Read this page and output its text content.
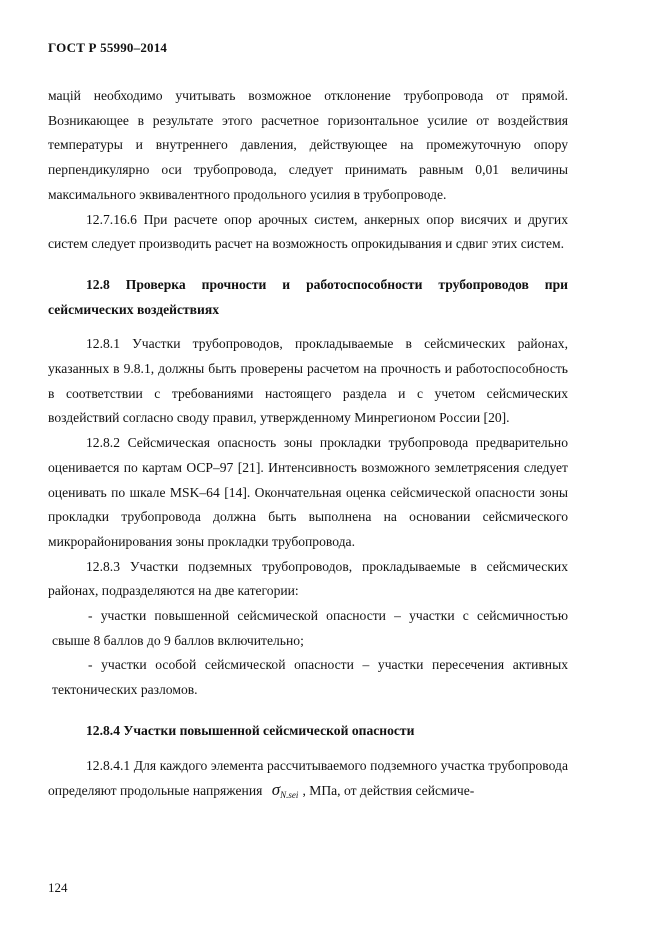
ГОСТ Р 55990–2014

мацій необходимо учитывать возможное отклонение трубопровода от прямой. Возникающее в результате этого расчетное горизонтальное усилие от воздействия температуры и внутреннего давления, действующее на промежуточную опору перпендикулярно оси трубопровода, следует принимать равным 0,01 величины максимального эквивалентного продольного усилия в трубопроводе.

12.7.16.6 При расчете опор арочных систем, анкерных опор висячих и других систем следует производить расчет на возможность опрокидывания и сдвиг этих систем.

12.8 Проверка прочности и работоспособности трубопроводов при сейсмических воздействиях

12.8.1 Участки трубопроводов, прокладываемые в сейсмических районах, указанных в 9.8.1, должны быть проверены расчетом на прочность и работоспособность в соответствии с требованиями настоящего раздела и с учетом сейсмических воздействий согласно своду правил, утвержденному Минрегионом России [20].

12.8.2 Сейсмическая опасность зоны прокладки трубопровода предварительно оценивается по картам ОСР–97 [21]. Интенсивность возможного землетрясения следует оценивать по шкале MSK–64 [14]. Окончательная оценка сейсмической опасности зоны прокладки трубопровода должна быть выполнена на основании сейсмического микрорайонирования зоны прокладки трубопровода.

12.8.3 Участки подземных трубопроводов, прокладываемые в сейсмических районах, подразделяются на две категории:

- участки повышенной сейсмической опасности – участки с сейсмичностью свыше 8 баллов до 9 баллов включительно;

- участки особой сейсмической опасности – участки пересечения активных тектонических разломов.

12.8.4 Участки повышенной сейсмической опасности

12.8.4.1 Для каждого элемента рассчитываемого подземного участка трубопровода определяют продольные напряжения $\sigma_{N.sei}$ , МПа, от действия сейсмиче-

124
